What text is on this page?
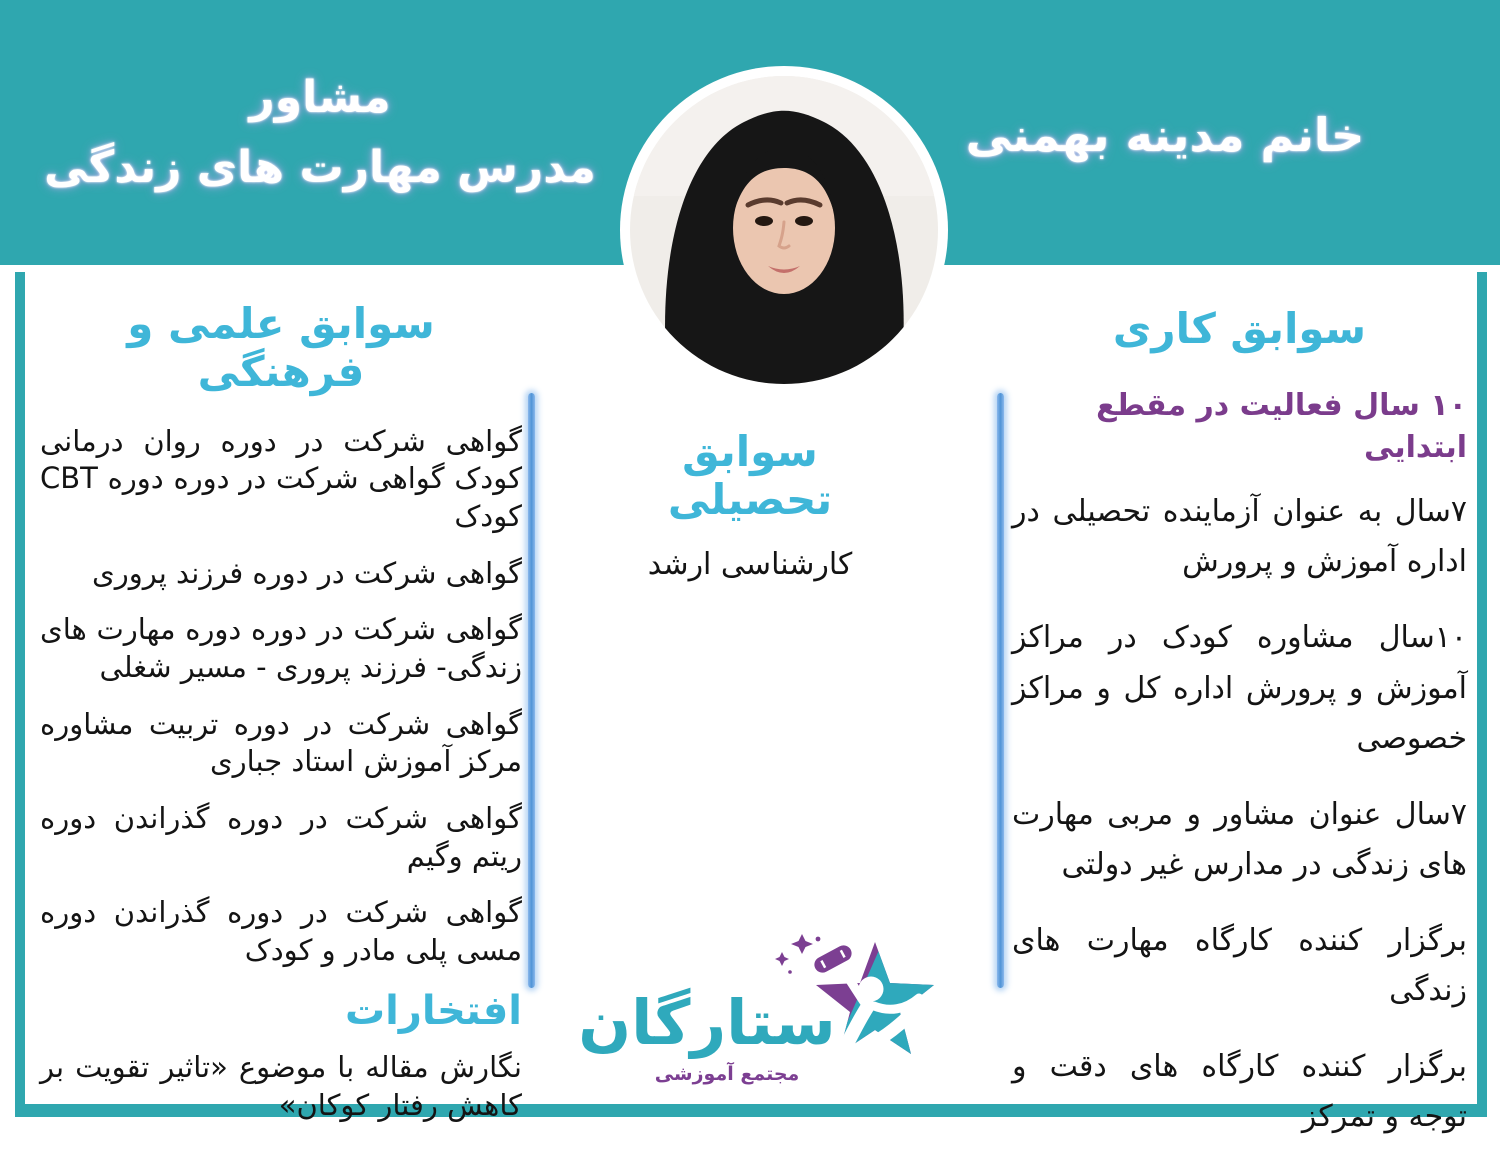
مشاور
مدرس مهارت های زندگی
خانم مدینه بهمنی
سوابق علمی و فرهنگی

گواهی شرکت در دوره روان درمانی کودک گواهی شرکت در دوره دوره CBT کودک

گواهی شرکت در دوره فرزند پروری

گواهی شرکت در دوره دوره مهارت های زندگی- فرزند پروری - مسیر شغلی

گواهی شرکت در دوره تربیت مشاوره مرکز آموزش استاد جباری

گواهی شرکت در دوره گذراندن دوره ریتم وگیم

گواهی شرکت در دوره گذراندن دوره مسی پلی مادر و کودک

افتخارات

نگارش مقاله با موضوع «تاثیر تقویت بر کاهش رفتار کوکان»

سوابق تحصیلی
کارشناسی ارشد
سوابق کاری

۱۰ سال فعالیت در مقطع ابتدایی

۷سال به عنوان آزماینده تحصیلی در اداره آموزش و پرورش

۱۰سال مشاوره کودک در مراکز آموزش و پرورش اداره کل و مراکز خصوصی

۷سال عنوان مشاور و مربی مهارت های زندگی در مدارس غیر دولتی

برگزار کننده کارگاه مهارت های زندگی

برگزار کننده کارگاه های دقت و توجه و تمرکز

ستارگان
مجتمع آموزشی
